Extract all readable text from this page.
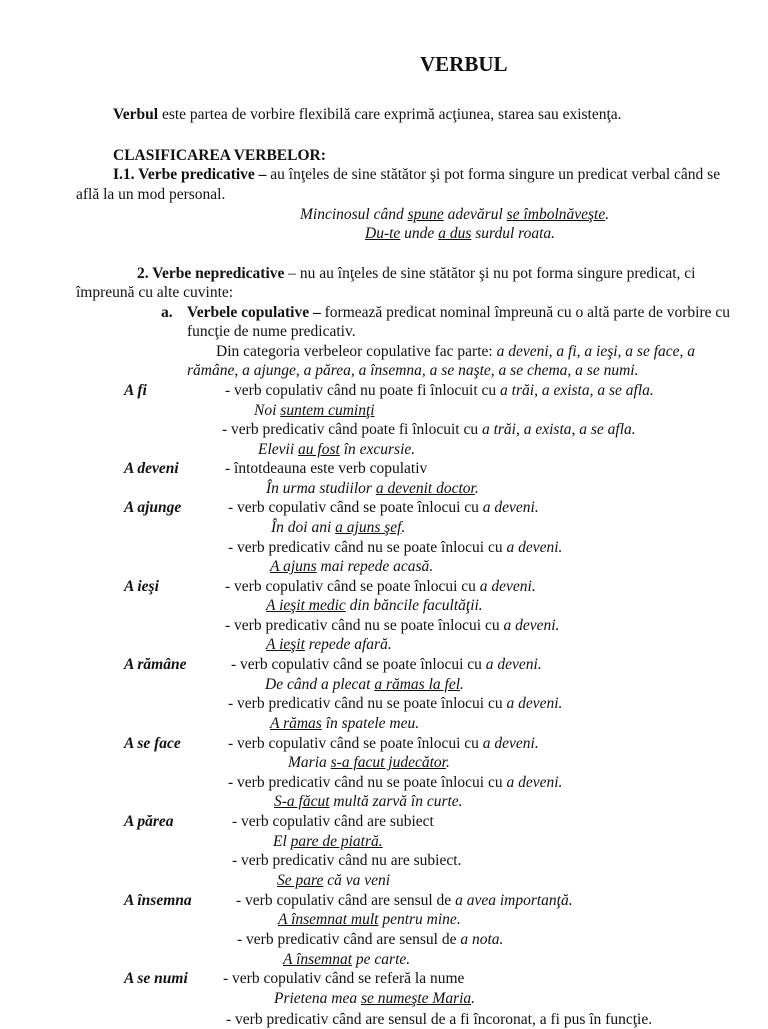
VERBUL
Verbul este partea de vorbire flexibilă care exprimă acţiunea, starea sau existenţa.
CLASIFICAREA VERBELOR:
I.1. Verbe predicative – au înţeles de sine stătător şi pot forma singure un predicat verbal când se
află la un mod personal.
Mincinosul când spune adevărul se îmbolnăveşte.
Du-te unde a dus surdul roata.
2. Verbe nepredicative – nu au înţeles de sine stătător şi nu pot forma singure predicat, ci
împreună cu alte cuvinte:
a. Verbele copulative – formează predicat nominal împreună cu o altă parte de vorbire cu
funcţie de nume predicativ.
Din categoria verbeleor copulative fac parte: a deveni, a fi, a ieşi, a se face, a
rămâne, a ajunge, a părea, a însemna, a se naşte, a se chema, a se numi.
A fi	- verb copulativ când nu poate fi înlocuit cu a trăi, a exista, a se afla.
Noi suntem cuminţi
- verb predicativ când poate fi înlocuit cu a trăi, a exista, a se afla.
Elevii au fost în excursie.
A deveni	- întotdeauna este verb copulativ
În urma studiilor a devenit doctor.
A ajunge	- verb copulativ când se poate înlocui cu a deveni.
În doi ani a ajuns şef.
- verb predicativ când nu se poate înlocui cu a deveni.
A ajuns mai repede acasă.
A ieşi	- verb copulativ când se poate înlocui cu a deveni.
A ieşit medic din băncile facultăţii.
- verb predicativ când nu se poate înlocui cu a deveni.
A ieşit repede afară.
A rămâne	- verb copulativ când se poate înlocui cu a deveni.
De când a plecat a rămas la fel.
- verb predicativ când nu se poate înlocui cu a deveni.
A rămas în spatele meu.
A se face	- verb copulativ când se poate înlocui cu a deveni.
Maria s-a facut judecător.
- verb predicativ când nu se poate înlocui cu a deveni.
S-a făcut multă zarvă în curte.
A părea	- verb copulativ când are subiect
El pare de piatră.
- verb predicativ când nu are subiect.
Se pare că va veni
A însemna	- verb copulativ când are sensul de a avea importanţă.
A însemnat mult pentru mine.
- verb predicativ când are sensul de a nota.
A însemnat pe carte.
A se numi - verb copulativ când se referă la nume
Prietena mea se numeşte Maria.
- verb predicativ când are sensul de a fi încoronat, a fi pus în funcţie.
